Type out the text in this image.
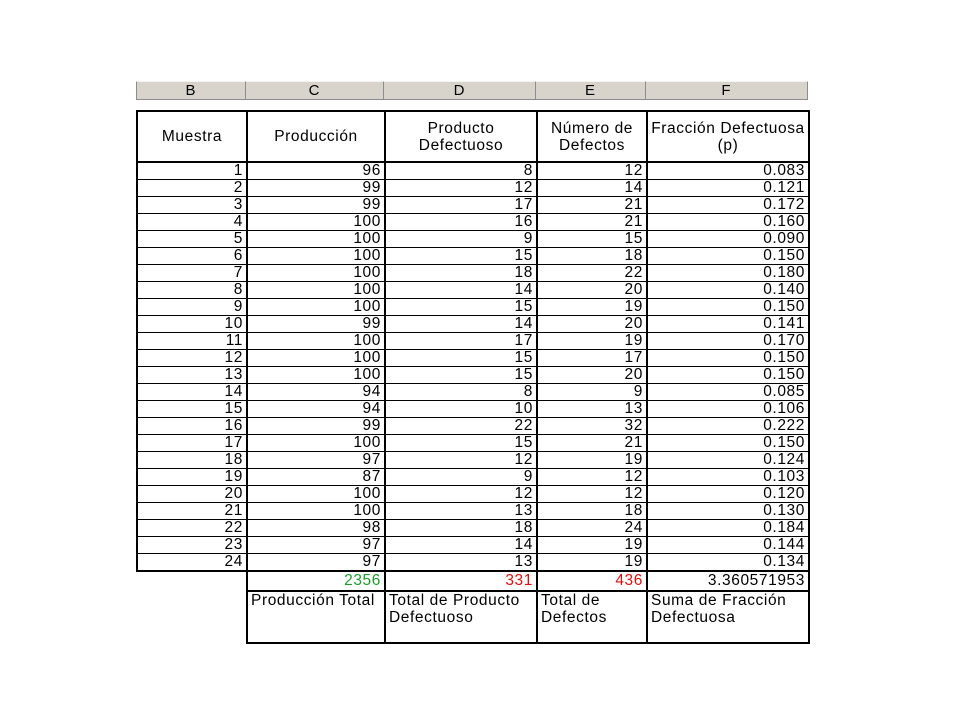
B	C	D	E	F
Muestra	Producción	Producto Defectuoso	Número de Defectos	Fracción Defectuosa (p)
1	96	8	12	0.083
2	99	12	14	0.121
3	99	17	21	0.172
4	100	16	21	0.160
5	100	9	15	0.090
6	100	15	18	0.150
7	100	18	22	0.180
8	100	14	20	0.140
9	100	15	19	0.150
10	99	14	20	0.141
11	100	17	19	0.170
12	100	15	17	0.150
13	100	15	20	0.150
14	94	8	9	0.085
15	94	10	13	0.106
16	99	22	32	0.222
17	100	15	21	0.150
18	97	12	19	0.124
19	87	9	12	0.103
20	100	12	12	0.120
21	100	13	18	0.130
22	98	18	24	0.184
23	97	14	19	0.144
24	97	13	19	0.134
	2356	331	436	3.360571953
	Producción Total	Total de Producto Defectuoso	Total de Defectos	Suma de Fracción Defectuosa
